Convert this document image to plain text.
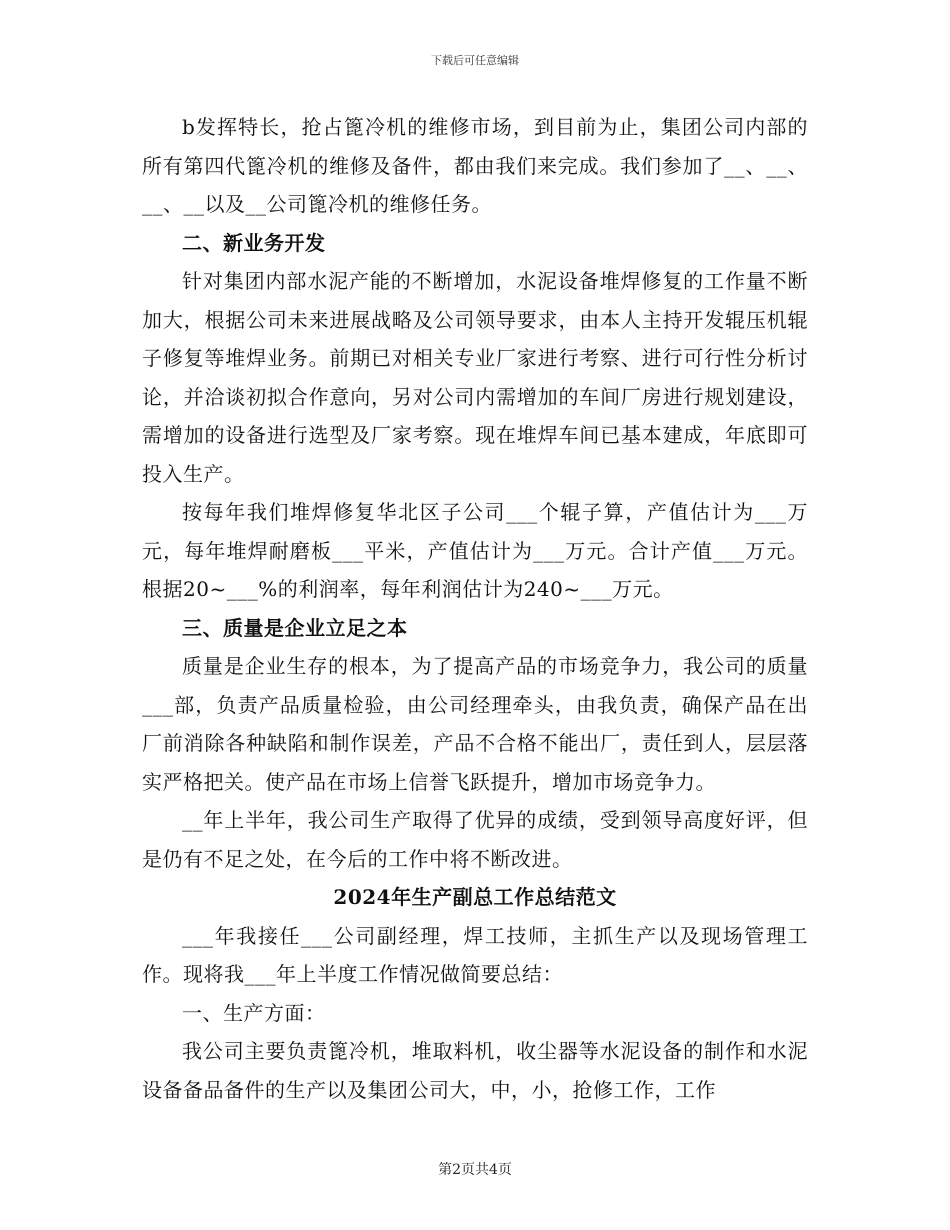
下载后可任意编辑

b发挥特长，抢占篦冷机的维修市场，到目前为止，集团公司内部的所有第四代篦冷机的维修及备件，都由我们来完成。我们参加了__、__、__、__以及__公司篦冷机的维修任务。

二、新业务开发

针对集团内部水泥产能的不断增加，水泥设备堆焊修复的工作量不断加大，根据公司未来进展战略及公司领导要求，由本人主持开发辊压机辊子修复等堆焊业务。前期已对相关专业厂家进行考察、进行可行性分析讨论，并洽谈初拟合作意向，另对公司内需增加的车间厂房进行规划建设，需增加的设备进行选型及厂家考察。现在堆焊车间已基本建成，年底即可投入生产。

按每年我们堆焊修复华北区子公司___个辊子算，产值估计为___万元，每年堆焊耐磨板___平米，产值估计为___万元。合计产值___万元。根据20~___%的利润率，每年利润估计为240~___万元。

三、质量是企业立足之本

质量是企业生存的根本，为了提高产品的市场竞争力，我公司的质量___部，负责产品质量检验，由公司经理牵头，由我负责，确保产品在出厂前消除各种缺陷和制作误差，产品不合格不能出厂，责任到人，层层落实严格把关。使产品在市场上信誉飞跃提升，增加市场竞争力。

__年上半年，我公司生产取得了优异的成绩，受到领导高度好评，但是仍有不足之处，在今后的工作中将不断改进。

2024年生产副总工作总结范文

___年我接任___公司副经理，焊工技师，主抓生产以及现场管理工作。现将我___年上半度工作情况做简要总结：

一、生产方面：

我公司主要负责篦冷机，堆取料机，收尘器等水泥设备的制作和水泥设备备品备件的生产以及集团公司大，中，小，抢修工作，工作

第2页共4页
